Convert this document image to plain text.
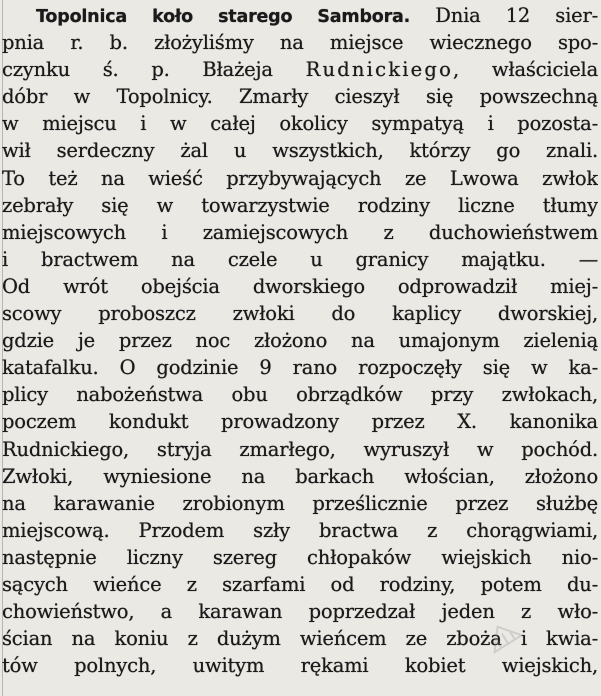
Topolnica koło starego Sambora. Dnia 12 sier-
pnia r. b. złożyliśmy na miejsce wiecznego spo-
czynku ś. p. Błażeja Rudnickiego, właściciela
dóbr w Topolnicy. Zmarły cieszył się powszechną
w miejscu i w całej okolicy sympatyą i pozosta-
wił serdeczny żal u wszystkich, którzy go znali.
To też na wieść przybywających ze Lwowa zwłok
zebrały się w towarzystwie rodziny liczne tłumy
miejscowych i zamiejscowych z duchowieństwem
i bractwem na czele u granicy majątku. —
Od wrót obejścia dworskiego odprowadził miej-
scowy proboszcz zwłoki do kaplicy dworskiej,
gdzie je przez noc złożono na umajonym zielenią
katafalku. O godzinie 9 rano rozpoczęły się w ka-
plicy nabożeństwa obu obrządków przy zwłokach,
poczem kondukt prowadzony przez X. kanonika
Rudnickiego, stryja zmarłego, wyruszył w pochód.
Zwłoki, wyniesione na barkach włościan, złożono
na karawanie zrobionym prześlicznie przez służbę
miejscową. Przodem szły bractwa z chorągwiami,
następnie liczny szereg chłopaków wiejskich nio-
sących wieńce z szarfami od rodziny, potem du-
chowieństwo, a karawan poprzedzał jeden z wło-
ścian na koniu z dużym wieńcem ze zboża i kwia-
tów polnych, uwitym rękami kobiet wiejskich,
